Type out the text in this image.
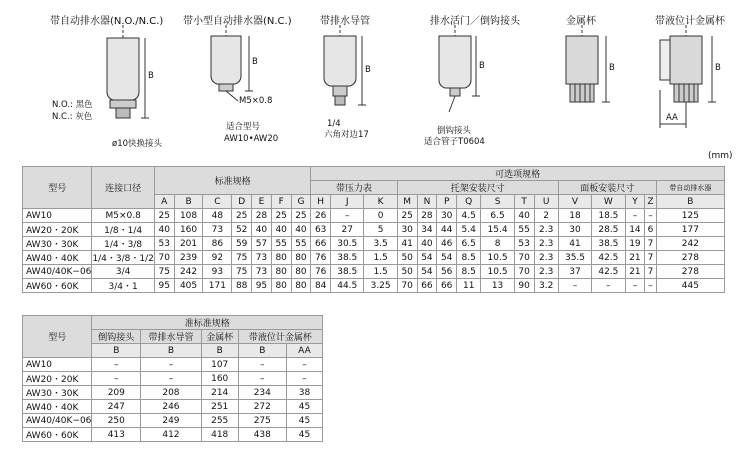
带自动排水器(N.O./N.C.) 带小型自动排水器(N.C.)	带排水导管	排水活门／倒钩接头	金属杯	带液位计金属杯
B
B
B	B	B	B
AA
N.O.: 黑色
N.C.: 灰色
ø10快换接头
M5×0.8
适合型号
AW10•AW20
1/4
六角对边17	倒钩接头
适合管子T0604
(mm)
型号	连接口径	标准规格							可选项规格														
									带压力表			托架安装尺寸							面板安装尺寸				带自动排水器
		A	B	C	D	E	F	G	H	J	K	M	N	P	Q	S	T	U	V	W	Y	Z	B
AW10	M5×0.8	25	108	48	25	28	25	25	26	–	0	25	28	30	4.5	6.5	40	2	18	18.5	–	–	125
AW20・20K	1/8・1/4	40	160	73	52	40	40	40	63	27	5	30	34	44	5.4	15.4	55	2.3	30	28.5	14	6	177
AW30・30K	1/4・3/8	53	201	86	59	57	55	55	66	30.5	3.5	41	40	46	6.5	8	53	2.3	41	38.5	19	7	242
AW40・40K	1/4・3/8・1/2	70	239	92	75	73	80	80	76	38.5	1.5	50	54	54	8.5	10.5	70	2.3	35.5	42.5	21	7	278
AW40/40K−06	3/4	75	242	93	75	73	80	80	76	38.5	1.5	50	54	56	8.5	10.5	70	2.3	37	42.5	21	7	278
AW60・60K	3/4・1	95	405	171	88	95	80	80	84	44.5	3.25	70	66	66	11	13	90	3.2	–	–	–	–	445
型号	准标准规格				
	倒钩接头	带排水导管	金属杯	带液位计金属杯	
	B	B	B	B	AA
AW10	–	–	107	–	–
AW20・20K	–	–	160	–	–
AW30・30K	209	208	214	234	38
AW40・40K	247	246	251	272	45
AW40/40K−06	250	249	255	275	45
AW60・60K	413	412	418	438	45
